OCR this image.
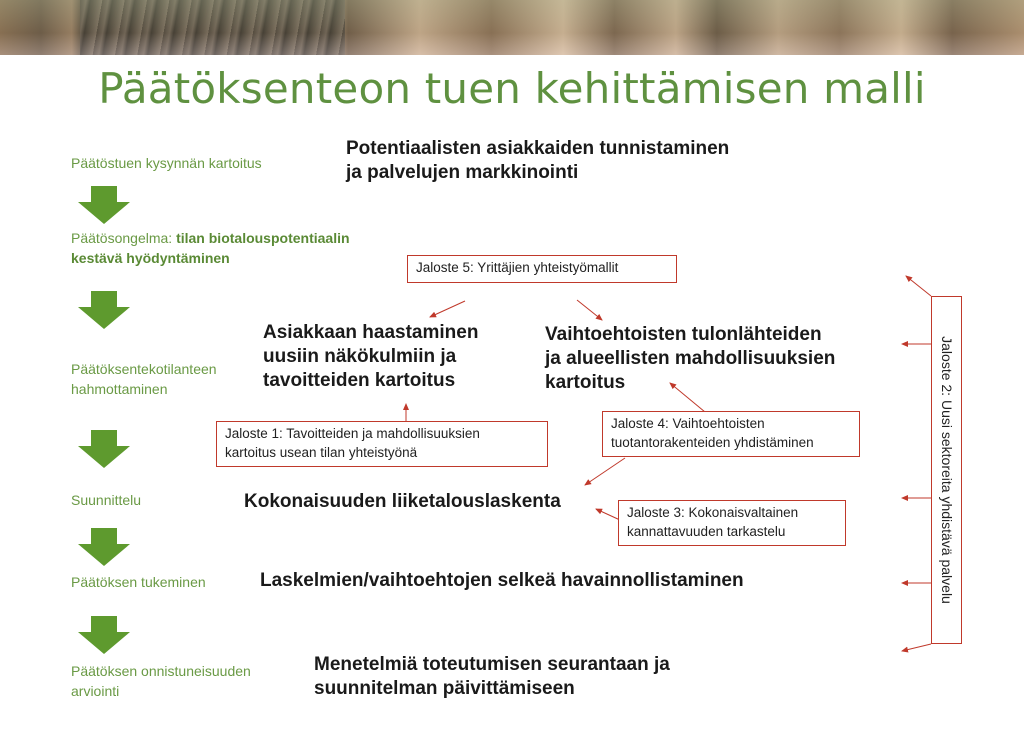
Päätöksenteon tuen kehittämisen malli
Päätöstuen kysynnän kartoitus
Päätösongelma: tilan biotalouspotentiaalin
kestävä hyödyntäminen
Päätöksentekotilanteen
hahmottaminen
Suunnittelu
Päätöksen tukeminen
Päätöksen onnistuneisuuden
arviointi
Potentiaalisten asiakkaiden tunnistaminen
ja palvelujen markkinointi
Asiakkaan haastaminen
uusiin näkökulmiin ja
tavoitteiden kartoitus
Vaihtoehtoisten tulonlähteiden
ja alueellisten mahdollisuuksien
kartoitus
Kokonaisuuden liiketalouslaskenta
Laskelmien/vaihtoehtojen selkeä havainnollistaminen
Menetelmiä toteutumisen seurantaan ja
suunnitelman päivittämiseen
Jaloste 5: Yrittäjien yhteistyömallit
Jaloste 1: Tavoitteiden ja mahdollisuuksien
kartoitus usean tilan yhteistyönä
Jaloste 4: Vaihtoehtoisten
tuotantorakenteiden yhdistäminen
Jaloste 3: Kokonaisvaltainen
kannattavuuden tarkastelu	Jaloste 2: Uusi sektoreita yhdistävä palvelu
